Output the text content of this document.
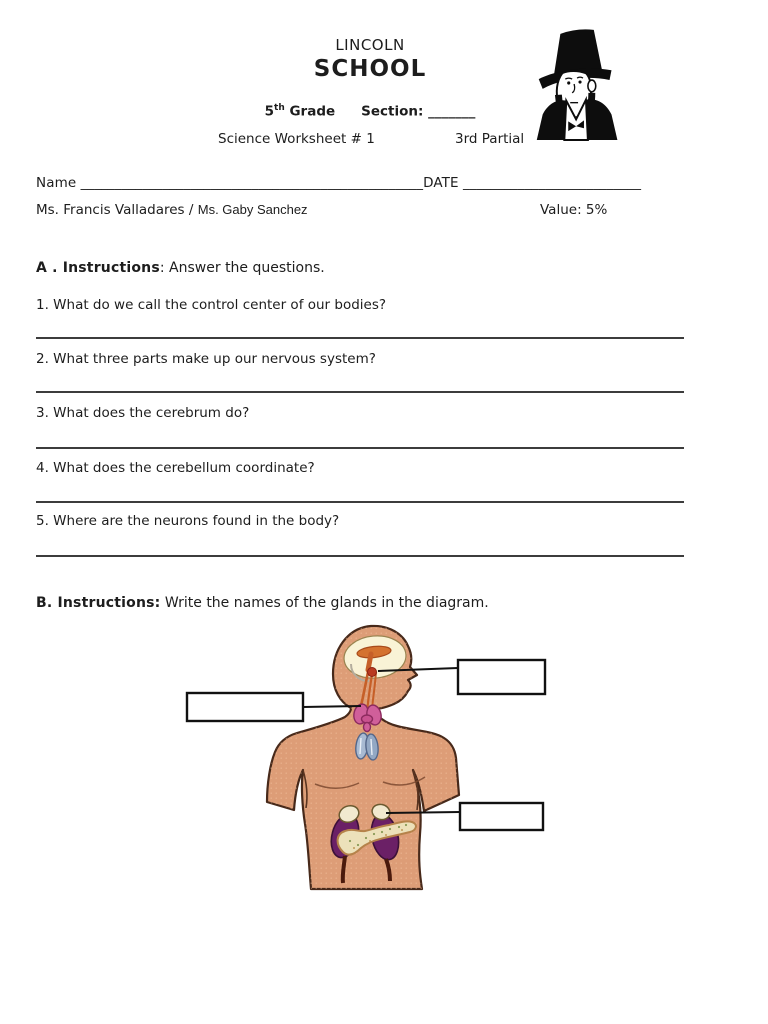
LINCOLN
SCHOOL
5th Grade Section: _______
Science Worksheet # 1	3rd Partial
Name __________________________________________________DATE __________________________
Ms. Francis Valladares / Ms. Gaby Sanchez	Value: 5%
A . Instructions: Answer the questions.
1. What do we call the control center of our bodies?
2. What three parts make up our nervous system?
3. What does the cerebrum do?
4. What does the cerebellum coordinate?
5. Where are the neurons found in the body?
B. Instructions: Write the names of the glands in the diagram.
